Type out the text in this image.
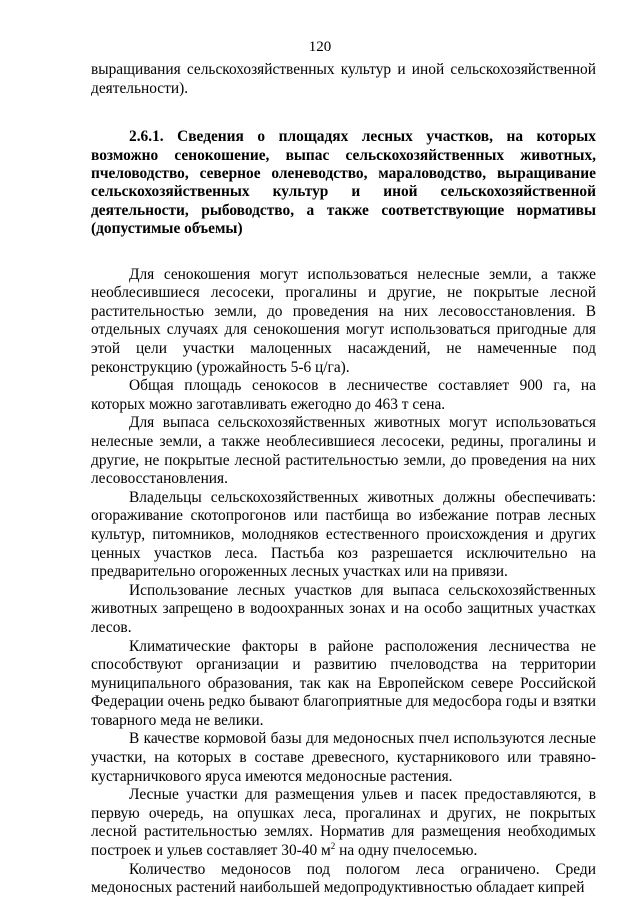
120

выращивания сельскохозяйственных культур и иной сельскохозяйственной деятельности).

2.6.1. Сведения о площадях лесных участков, на которых возможно сенокошение, выпас сельскохозяйственных животных, пчеловодство, северное оленеводство, мараловодство, выращивание сельскохозяйственных культур и иной сельскохозяйственной деятельности, рыбоводство, а также соответствующие нормативы (допустимые объемы)

Для сенокошения могут использоваться нелесные земли, а также необлесившиеся лесосеки, прогалины и другие, не покрытые лесной растительностью земли, до проведения на них лесовосстановления. В отдельных случаях для сенокошения могут использоваться пригодные для этой цели участки малоценных насаждений, не намеченные под реконструкцию (урожайность 5-6 ц/га).

Общая площадь сенокосов в лесничестве составляет 900 га, на которых можно заготавливать ежегодно до 463 т сена.

Для выпаса сельскохозяйственных животных могут использоваться нелесные земли, а также необлесившиеся лесосеки, редины, прогалины и другие, не покрытые лесной растительностью земли, до проведения на них лесовосстановления.

Владельцы сельскохозяйственных животных должны обеспечивать: огораживание скотопрогонов или пастбища во избежание потрав лесных культур, питомников, молодняков естественного происхождения и других ценных участков леса. Пастьба коз разрешается исключительно на предварительно огороженных лесных участках или на привязи.

Использование лесных участков для выпаса сельскохозяйственных животных запрещено в водоохранных зонах и на особо защитных участках лесов.

Климатические факторы в районе расположения лесничества не способствуют организации и развитию пчеловодства на территории муниципального образования, так как на Европейском севере Российской Федерации очень редко бывают благоприятные для медосбора годы и взятки товарного меда не велики.

В качестве кормовой базы для медоносных пчел используются лесные участки, на которых в составе древесного, кустарникового или травяно-кустарничкового яруса имеются медоносные растения.

Лесные участки для размещения ульев и пасек предоставляются, в первую очередь, на опушках леса, прогалинах и других, не покрытых лесной растительностью землях. Норматив для размещения необходимых построек и ульев составляет 30-40 $м^2$ на одну пчелосемью.

Количество медоносов под пологом леса ограничено. Среди медоносных растений наибольшей медопродуктивностью обладает кипрей
